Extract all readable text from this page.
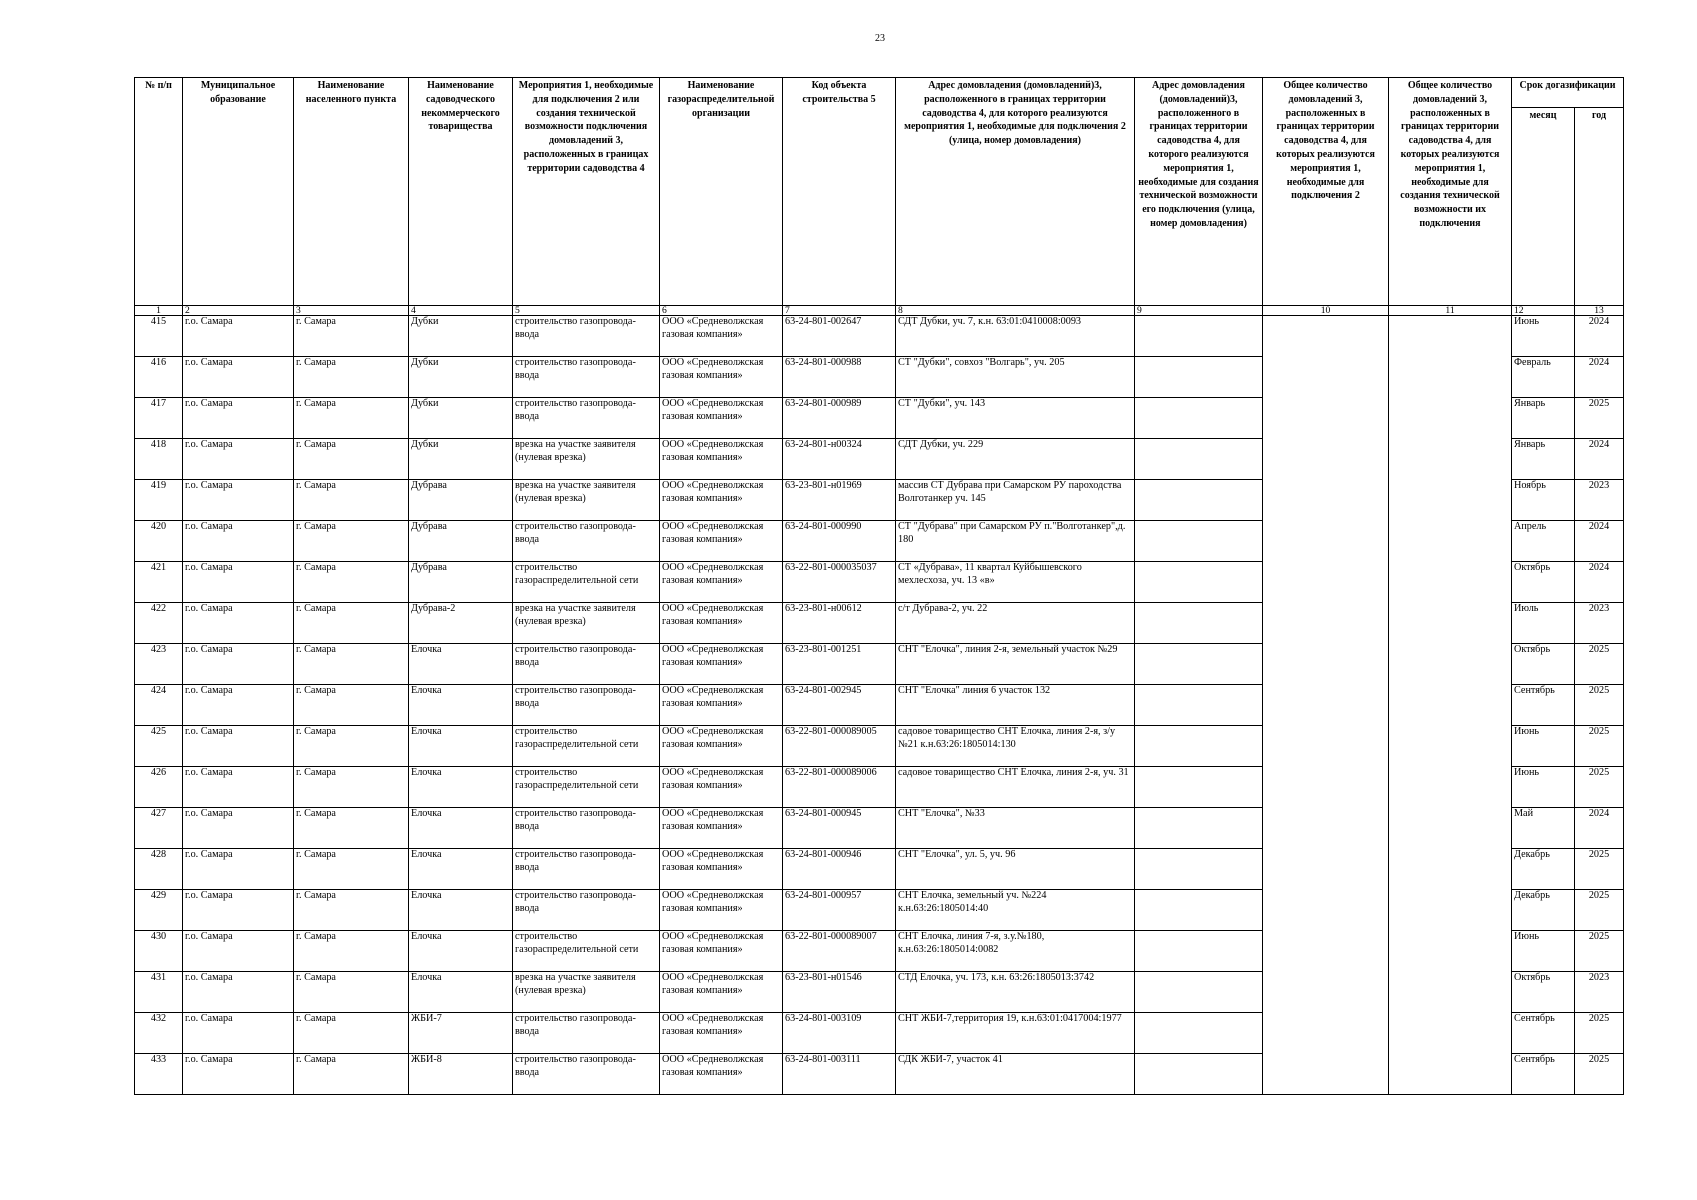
23
№ п/п	Муниципальное образование	Наименование населенного пункта	Наименование садоводческого некоммерческого товарищества	Мероприятия 1, необходимые для подключения 2 или создания технической возможности подключения домовладений 3, расположенных в границах территории садоводства 4	Наименование газораспределительной организации	Код объекта строительства 5	Адрес домовладения (домовладений)3, расположенного в границах территории садоводства 4, для которого реализуются мероприятия 1, необходимые для подключения 2 (улица, номер домовладения)	Адрес домовладения (домовладений)3, расположенного в границах территории садоводства 4, для которого реализуются мероприятия 1, необходимые для создания технической возможности его подключения (улица, номер домовладения)	Общее количество домовладений 3, расположенных в границах территории садоводства 4, для которых реализуются мероприятия 1, необходимые для подключения 2	Общее количество домовладений 3, расположенных в границах территории садоводства 4, для которых реализуются мероприятия 1, необходимые для создания технической возможности их подключения	Срок догазификации	
											месяц	год
1	2	3	4	5	6	7	8	9	10	11	12	13
415	г.о. Самара	г. Самара	Дубки	строительство газопровода-ввода	ООО «Средневолжская газовая компания»	63-24-801-002647	СДТ Дубки, уч. 7, к.н. 63:01:0410008:0093				Июнь	2024
416	г.о. Самара	г. Самара	Дубки	строительство газопровода-ввода	ООО «Средневолжская газовая компания»	63-24-801-000988	СТ "Дубки", совхоз "Волгарь", уч. 205				Февраль	2024
417	г.о. Самара	г. Самара	Дубки	строительство газопровода-ввода	ООО «Средневолжская газовая компания»	63-24-801-000989	СТ "Дубки", уч. 143				Январь	2025
418	г.о. Самара	г. Самара	Дубки	врезка на участке заявителя (нулевая врезка)	ООО «Средневолжская газовая компания»	63-24-801-н00324	СДТ Дубки, уч. 229				Январь	2024
419	г.о. Самара	г. Самара	Дубрава	врезка на участке заявителя (нулевая врезка)	ООО «Средневолжская газовая компания»	63-23-801-н01969	массив СТ Дубрава при Самарском РУ пароходства Волготанкер уч. 145				Ноябрь	2023
420	г.о. Самара	г. Самара	Дубрава	строительство газопровода-ввода	ООО «Средневолжская газовая компания»	63-24-801-000990	СТ "Дубрава" при Самарском РУ п."Волготанкер",д. 180				Апрель	2024
421	г.о. Самара	г. Самара	Дубрава	строительство газораспределительной сети	ООО «Средневолжская газовая компания»	63-22-801-000035037	СТ «Дубрава», 11 квартал Куйбышевского мехлесхоза, уч. 13 «в»				Октябрь	2024
422	г.о. Самара	г. Самара	Дубрава-2	врезка на участке заявителя (нулевая врезка)	ООО «Средневолжская газовая компания»	63-23-801-н00612	с/т Дубрава-2, уч. 22				Июль	2023
423	г.о. Самара	г. Самара	Елочка	строительство газопровода-ввода	ООО «Средневолжская газовая компания»	63-23-801-001251	СНТ "Елочка", линия 2-я, земельный участок №29				Октябрь	2025
424	г.о. Самара	г. Самара	Елочка	строительство газопровода-ввода	ООО «Средневолжская газовая компания»	63-24-801-002945	СНТ "Елочка" линия 6 участок 132				Сентябрь	2025
425	г.о. Самара	г. Самара	Елочка	строительство газораспределительной сети	ООО «Средневолжская газовая компания»	63-22-801-000089005	садовое товарищество СНТ Елочка, линия 2-я, з/у №21 к.н.63:26:1805014:130				Июнь	2025
426	г.о. Самара	г. Самара	Елочка	строительство газораспределительной сети	ООО «Средневолжская газовая компания»	63-22-801-000089006	садовое товарищество СНТ Елочка, линия 2-я, уч. 31				Июнь	2025
427	г.о. Самара	г. Самара	Елочка	строительство газопровода-ввода	ООО «Средневолжская газовая компания»	63-24-801-000945	СНТ "Елочка", №33				Май	2024
428	г.о. Самара	г. Самара	Елочка	строительство газопровода-ввода	ООО «Средневолжская газовая компания»	63-24-801-000946	СНТ "Елочка", ул. 5, уч. 96				Декабрь	2025
429	г.о. Самара	г. Самара	Елочка	строительство газопровода-ввода	ООО «Средневолжская газовая компания»	63-24-801-000957	СНТ Елочка, земельный уч. №224 к.н.63:26:1805014:40				Декабрь	2025
430	г.о. Самара	г. Самара	Елочка	строительство газораспределительной сети	ООО «Средневолжская газовая компания»	63-22-801-000089007	СНТ Елочка, линия 7-я, з.у.№180, к.н.63:26:1805014:0082				Июнь	2025
431	г.о. Самара	г. Самара	Елочка	врезка на участке заявителя (нулевая врезка)	ООО «Средневолжская газовая компания»	63-23-801-н01546	СТД Елочка, уч. 173, к.н. 63:26:1805013:3742				Октябрь	2023
432	г.о. Самара	г. Самара	ЖБИ-7	строительство газопровода-ввода	ООО «Средневолжская газовая компания»	63-24-801-003109	СНТ ЖБИ-7,территория 19, к.н.63:01:0417004:1977				Сентябрь	2025
433	г.о. Самара	г. Самара	ЖБИ-8	строительство газопровода-ввода	ООО «Средневолжская газовая компания»	63-24-801-003111	СДК ЖБИ-7, участок 41				Сентябрь	2025
